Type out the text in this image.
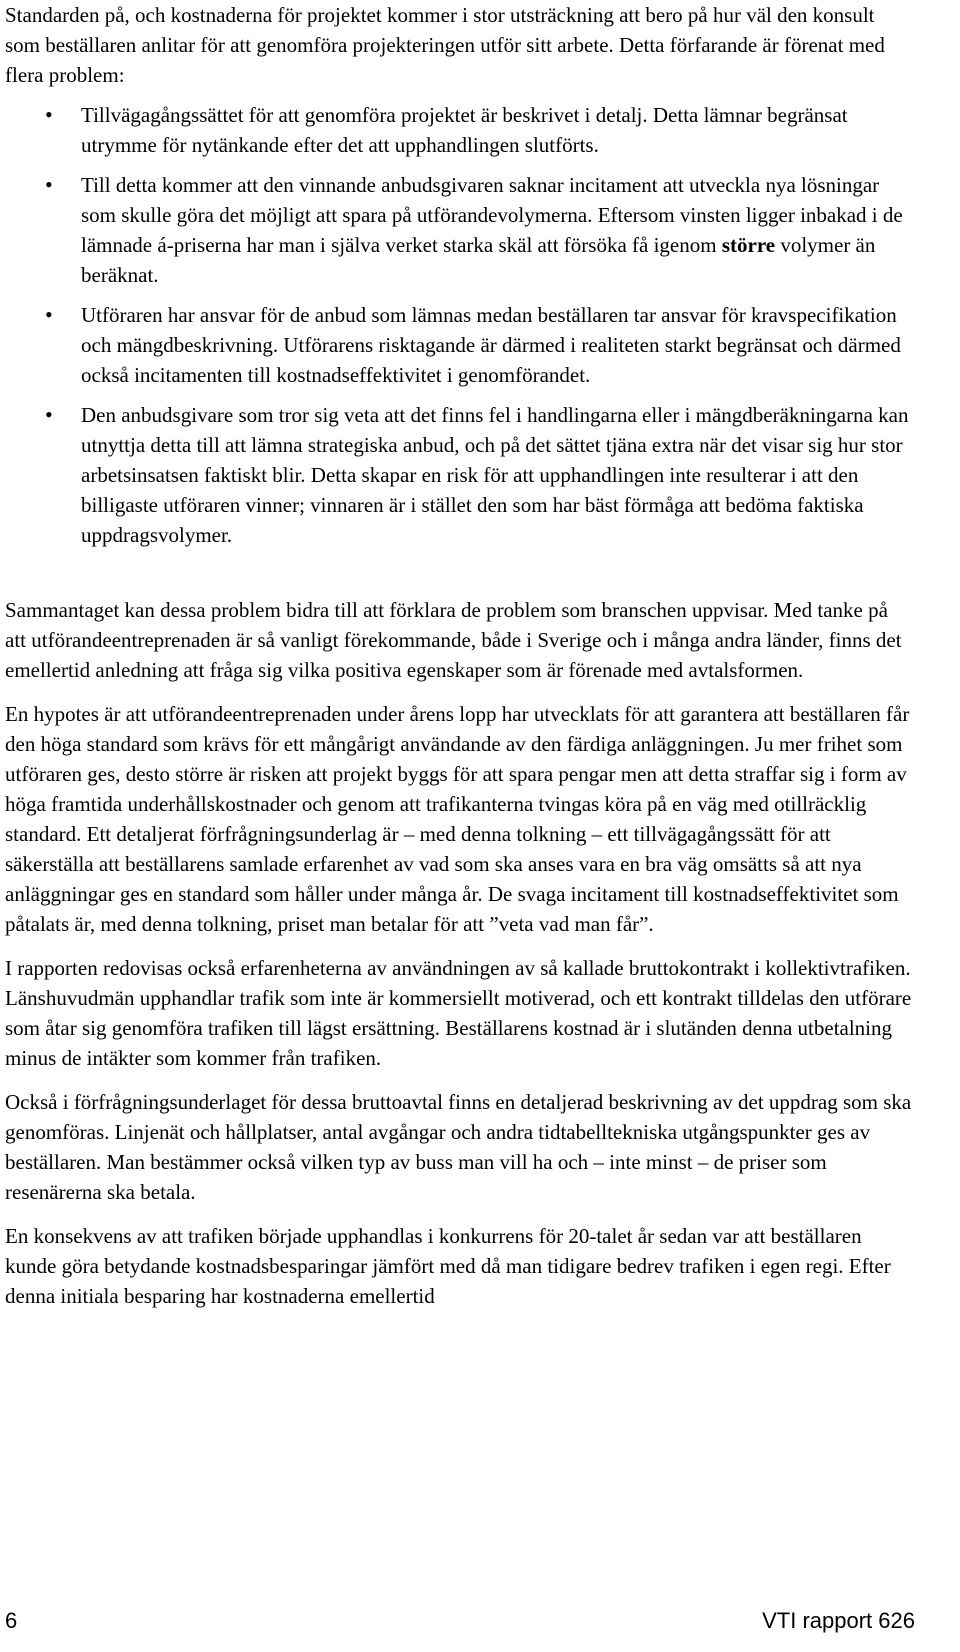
Standarden på, och kostnaderna för projektet kommer i stor utsträckning att bero på hur väl den konsult som beställaren anlitar för att genomföra projekteringen utför sitt arbete. Detta förfarande är förenat med flera problem:

• Tillvägagångssättet för att genomföra projektet är beskrivet i detalj. Detta lämnar begränsat utrymme för nytänkande efter det att upphandlingen slutförts.
• Till detta kommer att den vinnande anbudsgivaren saknar incitament att utveckla nya lösningar som skulle göra det möjligt att spara på utförandevolymerna. Eftersom vinsten ligger inbakad i de lämnade á-priserna har man i själva verket starka skäl att försöka få igenom större volymer än beräknat.
• Utföraren har ansvar för de anbud som lämnas medan beställaren tar ansvar för kravspecifikation och mängdbeskrivning. Utförarens risktagande är därmed i realiteten starkt begränsat och därmed också incitamenten till kostnadseffektivitet i genomförandet.
• Den anbudsgivare som tror sig veta att det finns fel i handlingarna eller i mängdberäkningarna kan utnyttja detta till att lämna strategiska anbud, och på det sättet tjäna extra när det visar sig hur stor arbetsinsatsen faktiskt blir. Detta skapar en risk för att upphandlingen inte resulterar i att den billigaste utföraren vinner; vinnaren är i stället den som har bäst förmåga att bedöma faktiska uppdragsvolymer.

Sammantaget kan dessa problem bidra till att förklara de problem som branschen uppvisar. Med tanke på att utförandeentreprenaden är så vanligt förekommande, både i Sverige och i många andra länder, finns det emellertid anledning att fråga sig vilka positiva egenskaper som är förenade med avtalsformen.

En hypotes är att utförandeentreprenaden under årens lopp har utvecklats för att garantera att beställaren får den höga standard som krävs för ett mångårigt användande av den färdiga anläggningen. Ju mer frihet som utföraren ges, desto större är risken att projekt byggs för att spara pengar men att detta straffar sig i form av höga framtida underhållskostnader och genom att trafikanterna tvingas köra på en väg med otillräcklig standard. Ett detaljerat förfrågningsunderlag är – med denna tolkning – ett tillvägagångssätt för att säkerställa att beställarens samlade erfarenhet av vad som ska anses vara en bra väg omsätts så att nya anläggningar ges en standard som håller under många år. De svaga incitament till kostnadseffektivitet som påtalats är, med denna tolkning, priset man betalar för att ”veta vad man får”.

I rapporten redovisas också erfarenheterna av användningen av så kallade bruttokontrakt i kollektivtrafiken. Länshuvudmän upphandlar trafik som inte är kommersiellt motiverad, och ett kontrakt tilldelas den utförare som åtar sig genomföra trafiken till lägst ersättning. Beställarens kostnad är i slutänden denna utbetalning minus de intäkter som kommer från trafiken.

Också i förfrågningsunderlaget för dessa bruttoavtal finns en detaljerad beskrivning av det uppdrag som ska genomföras. Linjenät och hållplatser, antal avgångar och andra tidtabelltekniska utgångspunkter ges av beställaren. Man bestämmer också vilken typ av buss man vill ha och – inte minst – de priser som resenärerna ska betala.

En konsekvens av att trafiken började upphandlas i konkurrens för 20-talet år sedan var att beställaren kunde göra betydande kostnadsbesparingar jämfört med då man tidigare bedrev trafiken i egen regi. Efter denna initiala besparing har kostnaderna emellertid

6	VTI rapport 626
